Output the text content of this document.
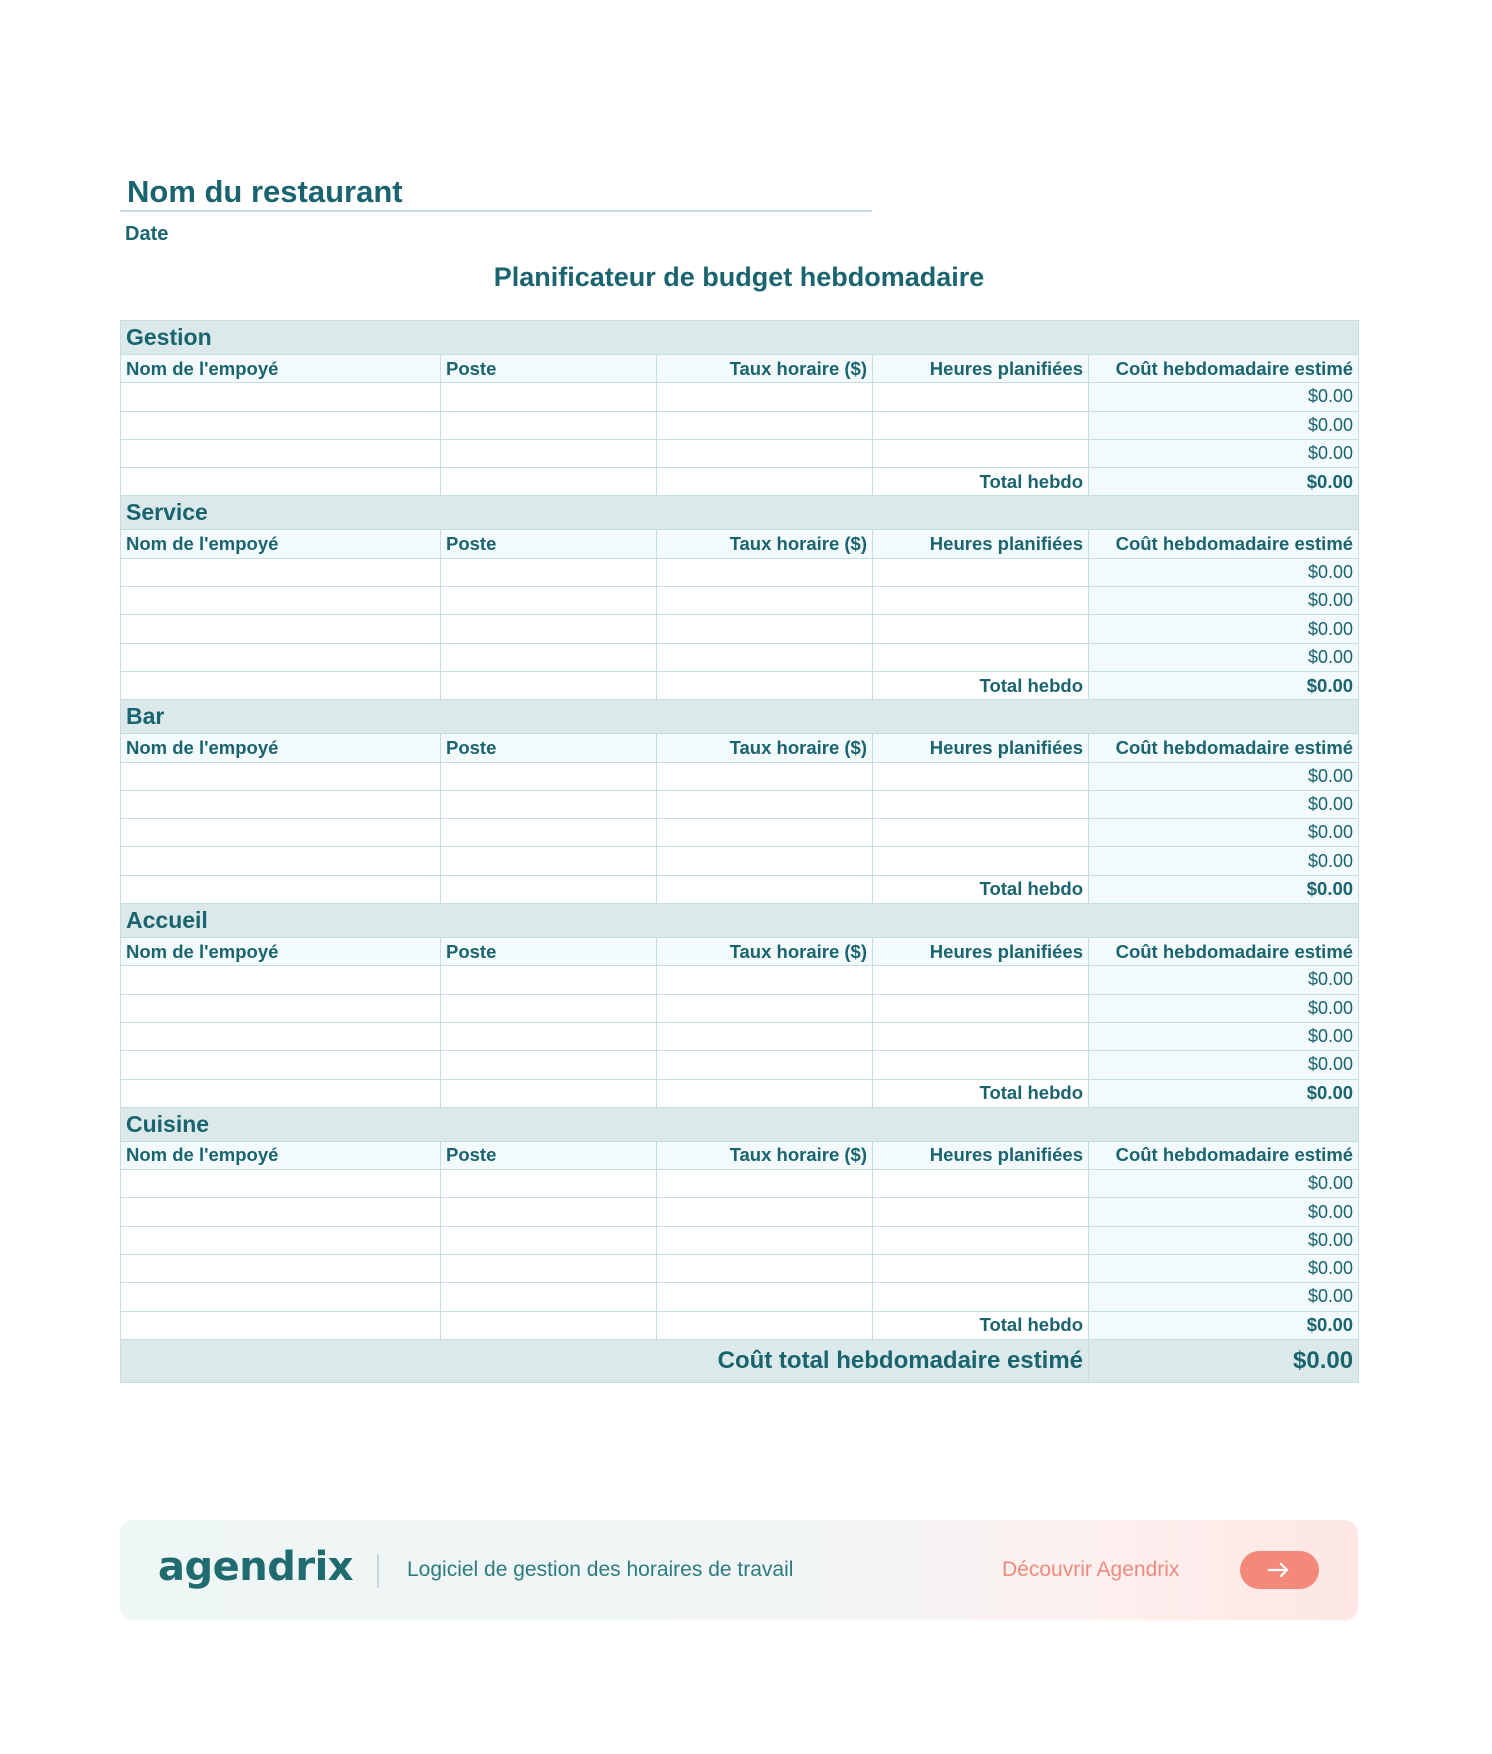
Nom du restaurant
Date
Planificateur de budget hebdomadaire
Gestion				
Nom de l'empoyé	Poste	Taux horaire ($)	Heures planifiées	Coût hebdomadaire estimé
				$0.00
				$0.00
				$0.00
			Total hebdo	$0.00
Service				
Nom de l'empoyé	Poste	Taux horaire ($)	Heures planifiées	Coût hebdomadaire estimé
				$0.00
				$0.00
				$0.00
				$0.00
			Total hebdo	$0.00
Bar				
Nom de l'empoyé	Poste	Taux horaire ($)	Heures planifiées	Coût hebdomadaire estimé
				$0.00
				$0.00
				$0.00
				$0.00
			Total hebdo	$0.00
Accueil				
Nom de l'empoyé	Poste	Taux horaire ($)	Heures planifiées	Coût hebdomadaire estimé
				$0.00
				$0.00
				$0.00
				$0.00
			Total hebdo	$0.00
Cuisine				
Nom de l'empoyé	Poste	Taux horaire ($)	Heures planifiées	Coût hebdomadaire estimé
				$0.00
				$0.00
				$0.00
				$0.00
				$0.00
			Total hebdo	$0.00
Coût total hebdomadaire estimé				$0.00
agendrix	Logiciel de gestion des horaires de travail	Découvrir Agendrix
